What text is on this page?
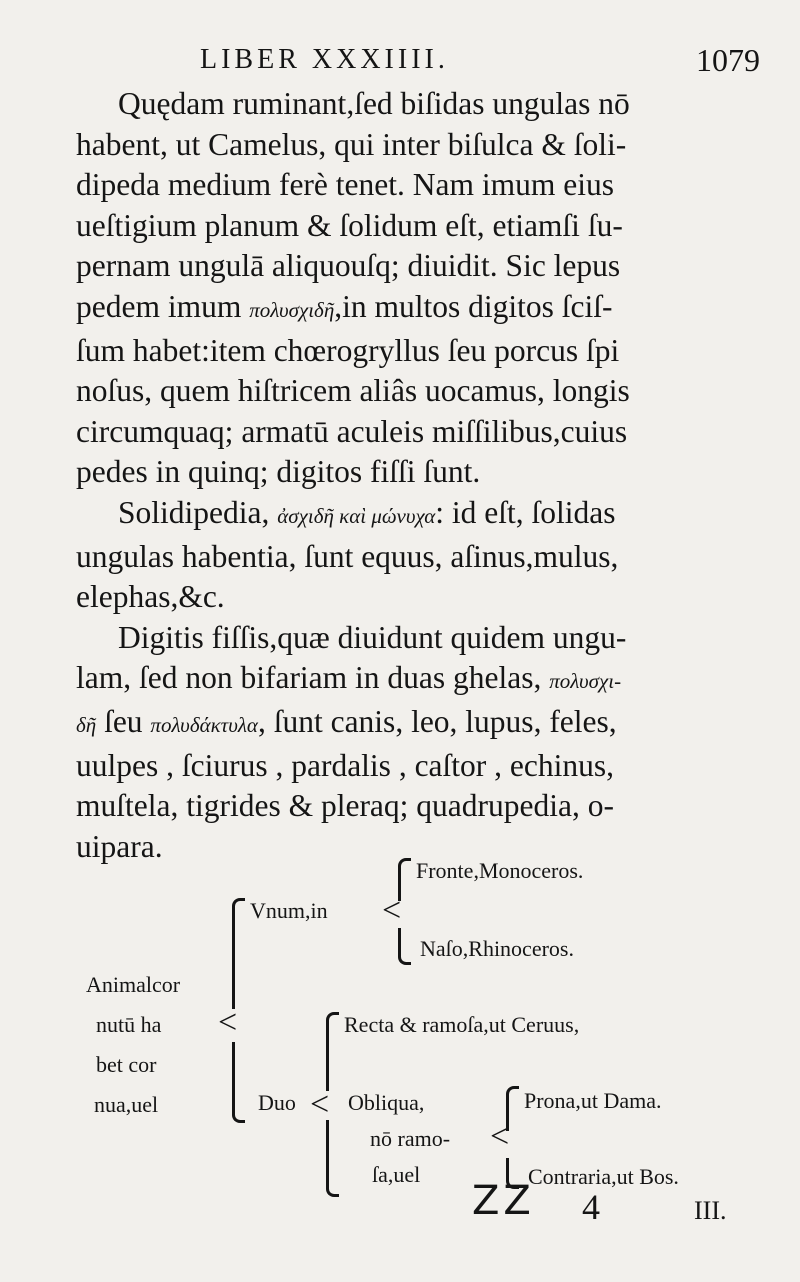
LIBER XXXIIII.	1079
Quędam ruminant,ſed biſidas ungulas nō
habent, ut Camelus, qui inter biſulca & ſoli-
dipeda medium ferè tenet. Nam imum eius
ueſtigium planum & ſolidum eſt, etiamſi ſu-
pernam ungulā aliquouſq; diuidit. Sic lepus
pedem imum πολυσχιδῆ,in multos digitos ſciſ-
ſum habet:item chœrogryllus ſeu porcus ſpi
noſus, quem hiſtricem aliâs uocamus, longis
circumquaq; armatū aculeis miſſilibus,cuius
pedes in quinq; digitos fiſſi ſunt.
Solidipedia, ἀσχιδῆ καὶ μώνυχα: id eſt, ſolidas
ungulas habentia, ſunt equus, aſinus,mulus,
elephas,&c.
Digitis fiſſis,quæ diuidunt quidem ungu-
lam, ſed non bifariam in duas ghelas, πολυσχι-
δῆ ſeu πολυδάκτυλα, ſunt canis, leo, lupus, feles,
uulpes , ſciurus , pardalis , caſtor , echinus,
muſtela, tigrides & pleraq; quadrupedia, o-
uipara.
Animalcor
nutū ha
bet cor
nua,uel
<
Vnum,in <
Fronte,Monoceros.
Naſo,Rhinoceros.
Duo <
Recta & ramoſa,ut Ceruus,
Obliqua,
nō ramo-
ſa,uel
<
Prona,ut Dama.
Contraria,ut Bos.
ZZ 4	III.
